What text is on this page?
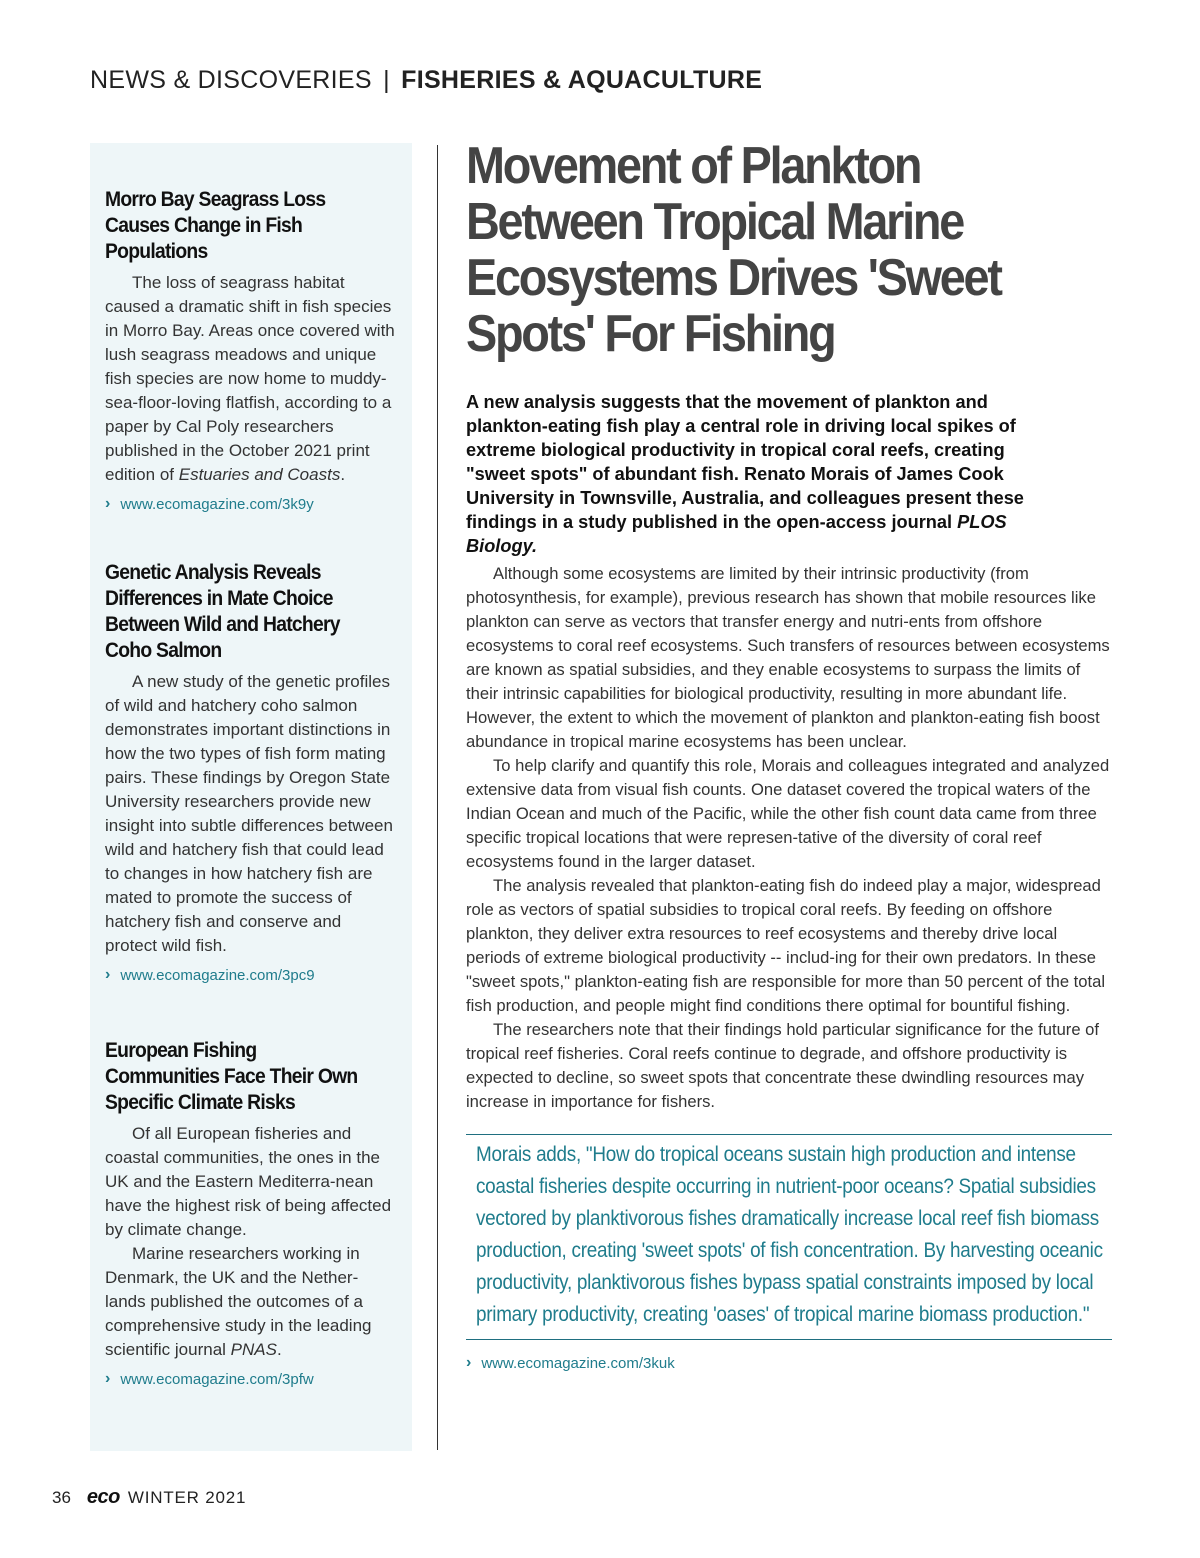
NEWS & DISCOVERIES | FISHERIES & AQUACULTURE
Morro Bay Seagrass Loss Causes Change in Fish Populations

The loss of seagrass habitat caused a dramatic shift in fish species in Morro Bay. Areas once covered with lush seagrass meadows and unique fish species are now home to muddy-sea-floor-loving flatfish, according to a paper by Cal Poly researchers published in the October 2021 print edition of Estuaries and Coasts.

› www.ecomagazine.com/3k9y
Genetic Analysis Reveals Differences in Mate Choice Between Wild and Hatchery Coho Salmon

A new study of the genetic profiles of wild and hatchery coho salmon demonstrates important distinctions in how the two types of fish form mating pairs. These findings by Oregon State University researchers provide new insight into subtle differences between wild and hatchery fish that could lead to changes in how hatchery fish are mated to promote the success of hatchery fish and conserve and protect wild fish.

› www.ecomagazine.com/3pc9
European Fishing Communities Face Their Own Specific Climate Risks

Of all European fisheries and coastal communities, the ones in the UK and the Eastern Mediterra-nean have the highest risk of being affected by climate change.

Marine researchers working in Denmark, the UK and the Nether-lands published the outcomes of a comprehensive study in the leading scientific journal PNAS.

› www.ecomagazine.com/3pfw
Movement of Plankton Between Tropical Marine Ecosystems Drives 'Sweet Spots' For Fishing

A new analysis suggests that the movement of plankton and plankton-eating fish play a central role in driving local spikes of extreme biological productivity in tropical coral reefs, creating "sweet spots" of abundant fish. Renato Morais of James Cook University in Townsville, Australia, and colleagues present these findings in a study published in the open-access journal PLOS Biology.

Although some ecosystems are limited by their intrinsic productivity (from photosynthesis, for example), previous research has shown that mobile resources like plankton can serve as vectors that transfer energy and nutri-ents from offshore ecosystems to coral reef ecosystems. Such transfers of resources between ecosystems are known as spatial subsidies, and they enable ecosystems to surpass the limits of their intrinsic capabilities for biological productivity, resulting in more abundant life. However, the extent to which the movement of plankton and plankton-eating fish boost abundance in tropical marine ecosystems has been unclear.

To help clarify and quantify this role, Morais and colleagues integrated and analyzed extensive data from visual fish counts. One dataset covered the tropical waters of the Indian Ocean and much of the Pacific, while the other fish count data came from three specific tropical locations that were represen-tative of the diversity of coral reef ecosystems found in the larger dataset.

The analysis revealed that plankton-eating fish do indeed play a major, widespread role as vectors of spatial subsidies to tropical coral reefs. By feeding on offshore plankton, they deliver extra resources to reef ecosystems and thereby drive local periods of extreme biological productivity -- includ-ing for their own predators. In these "sweet spots," plankton-eating fish are responsible for more than 50 percent of the total fish production, and people might find conditions there optimal for bountiful fishing.

The researchers note that their findings hold particular significance for the future of tropical reef fisheries. Coral reefs continue to degrade, and offshore productivity is expected to decline, so sweet spots that concentrate these dwindling resources may increase in importance for fishers.

Morais adds, "How do tropical oceans sustain high production and intense coastal fisheries despite occurring in nutrient-poor oceans? Spatial subsidies vectored by planktivorous fishes dramatically increase local reef fish biomass production, creating 'sweet spots' of fish concentration. By harvesting oceanic productivity, planktivorous fishes bypass spatial constraints imposed by local primary productivity, creating 'oases' of tropical marine biomass production."

› www.ecomagazine.com/3kuk
36 eco WINTER 2021
